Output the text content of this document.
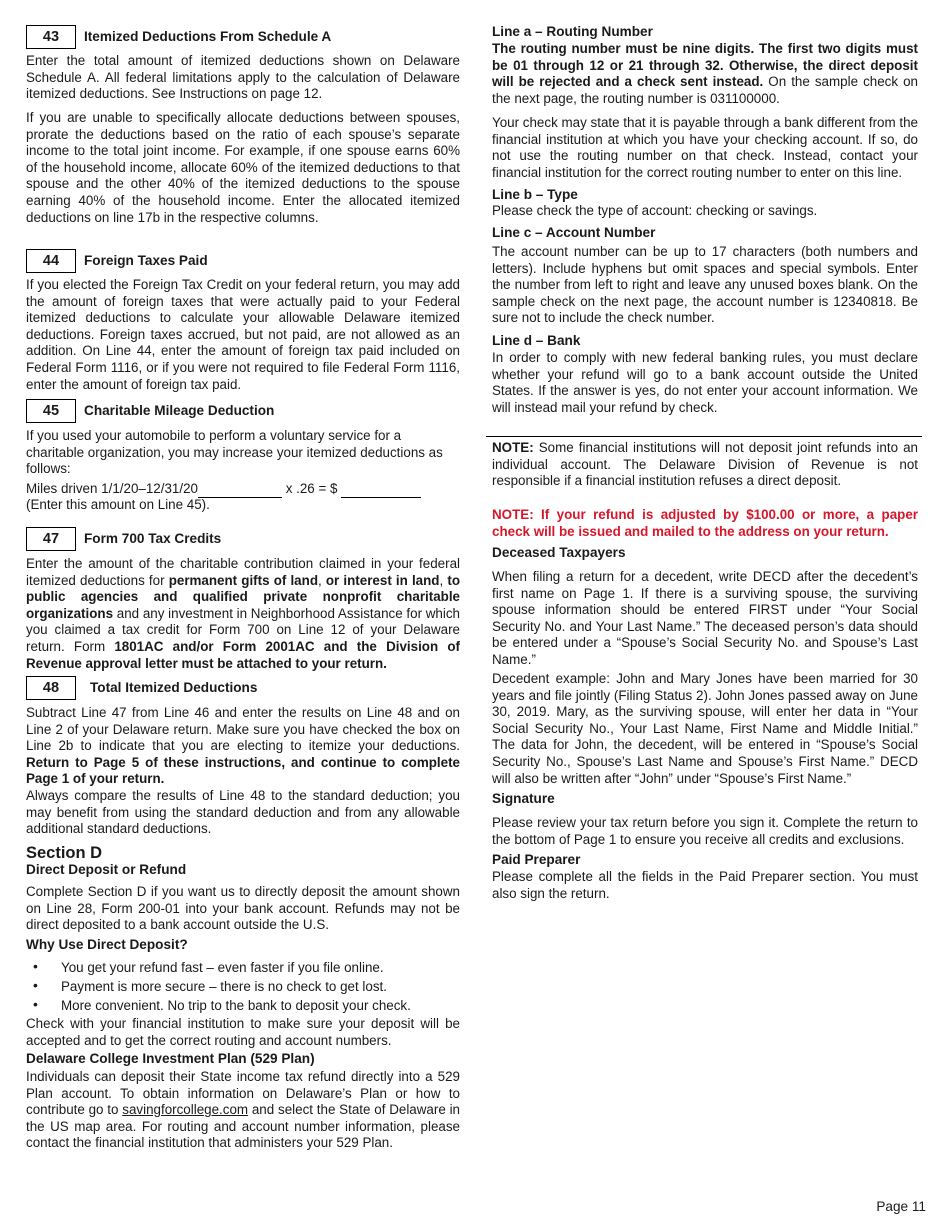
43	Itemized Deductions From Schedule A

Enter the total amount of itemized deductions shown on Delaware Schedule A. All federal limitations apply to the calculation of Delaware itemized deductions. See Instructions on page 12.

If you are unable to specifically allocate deductions between spouses, prorate the deductions based on the ratio of each spouse’s separate income to the total joint income. For example, if one spouse earns 60% of the household income, allocate 60% of the itemized deductions to that spouse and the other 40% of the itemized deductions to the spouse earning 40% of the household income. Enter the allocated itemized deductions on line 17b in the respective columns.

44	Foreign Taxes Paid

If you elected the Foreign Tax Credit on your federal return, you may add the amount of foreign taxes that were actually paid to your Federal itemized deductions to calculate your allowable Delaware itemized deductions. Foreign taxes accrued, but not paid, are not allowed as an addition. On Line 44, enter the amount of foreign tax paid included on Federal Form 1116, or if you were not required to file Federal Form 1116, enter the amount of foreign tax paid.

45	Charitable Mileage Deduction

If you used your automobile to perform a voluntary service for a charitable organization, you may increase your itemized deductions as follows:

Miles driven 1/1/20–12/31/20	x .26 = $

(Enter this amount on Line 45).

47	Form 700 Tax Credits

Enter the amount of the charitable contribution claimed in your federal itemized deductions for permanent gifts of land, or interest in land, to public agencies and qualified private nonprofit charitable organizations and any investment in Neighborhood Assistance for which you claimed a tax credit for Form 700 on Line 12 of your Delaware return. Form 1801AC and/or Form 2001AC and the Division of Revenue approval letter must be attached to your return.

48	Total Itemized Deductions

Subtract Line 47 from Line 46 and enter the results on Line 48 and on Line 2 of your Delaware return. Make sure you have checked the box on Line 2b to indicate that you are electing to itemize your deductions. Return to Page 5 of these instructions, and continue to complete Page 1 of your return.

Always compare the results of Line 48 to the standard deduction; you may benefit from using the standard deduction and from any allowable additional standard deductions.

Section D
Direct Deposit or Refund

Complete Section D if you want us to directly deposit the amount shown on Line 28, Form 200-01 into your bank account. Refunds may not be direct deposited to a bank account outside the U.S.

Why Use Direct Deposit?
• You get your refund fast – even faster if you file online.
• Payment is more secure – there is no check to get lost.
• More convenient. No trip to the bank to deposit your check.

Check with your financial institution to make sure your deposit will be accepted and to get the correct routing and account numbers.

Delaware College Investment Plan (529 Plan)

Individuals can deposit their State income tax refund directly into a 529 Plan account. To obtain information on Delaware’s Plan or how to contribute go to savingforcollege.com and select the State of Delaware in the US map area. For routing and account number information, please contact the financial institution that administers your 529 Plan.

Line a – Routing Number

The routing number must be nine digits. The first two digits must be 01 through 12 or 21 through 32. Otherwise, the direct deposit will be rejected and a check sent instead. On the sample check on the next page, the routing number is 031100000.

Your check may state that it is payable through a bank different from the financial institution at which you have your checking account. If so, do not use the routing number on that check. Instead, contact your financial institution for the correct routing number to enter on this line.

Line b – Type

Please check the type of account: checking or savings.

Line c – Account Number

The account number can be up to 17 characters (both numbers and letters). Include hyphens but omit spaces and special symbols. Enter the number from left to right and leave any unused boxes blank. On the sample check on the next page, the account number is 12340818. Be sure not to include the check number.

Line d – Bank

In order to comply with new federal banking rules, you must declare whether your refund will go to a bank account outside the United States. If the answer is yes, do not enter your account information. We will instead mail your refund by check.

NOTE: Some financial institutions will not deposit joint refunds into an individual account. The Delaware Division of Revenue is not responsible if a financial institution refuses a direct deposit.

NOTE: If your refund is adjusted by $100.00 or more, a paper check will be issued and mailed to the address on your return.

Deceased Taxpayers

When filing a return for a decedent, write DECD after the decedent’s first name on Page 1. If there is a surviving spouse, the surviving spouse information should be entered FIRST under “Your Social Security No. and Your Last Name.” The deceased person’s data should be entered under a “Spouse’s Social Security No. and Spouse’s Last Name.”

Decedent example: John and Mary Jones have been married for 30 years and file jointly (Filing Status 2). John Jones passed away on June 30, 2019. Mary, as the surviving spouse, will enter her data in “Your Social Security No., Your Last Name, First Name and Middle Initial.” The data for John, the decedent, will be entered in “Spouse’s Social Security No., Spouse’s Last Name and Spouse’s First Name.” DECD will also be written after “John” under “Spouse’s First Name.”

Signature

Please review your tax return before you sign it. Complete the return to the bottom of Page 1 to ensure you receive all credits and exclusions.

Paid Preparer

Please complete all the fields in the Paid Preparer section. You must also sign the return.

Page 11
